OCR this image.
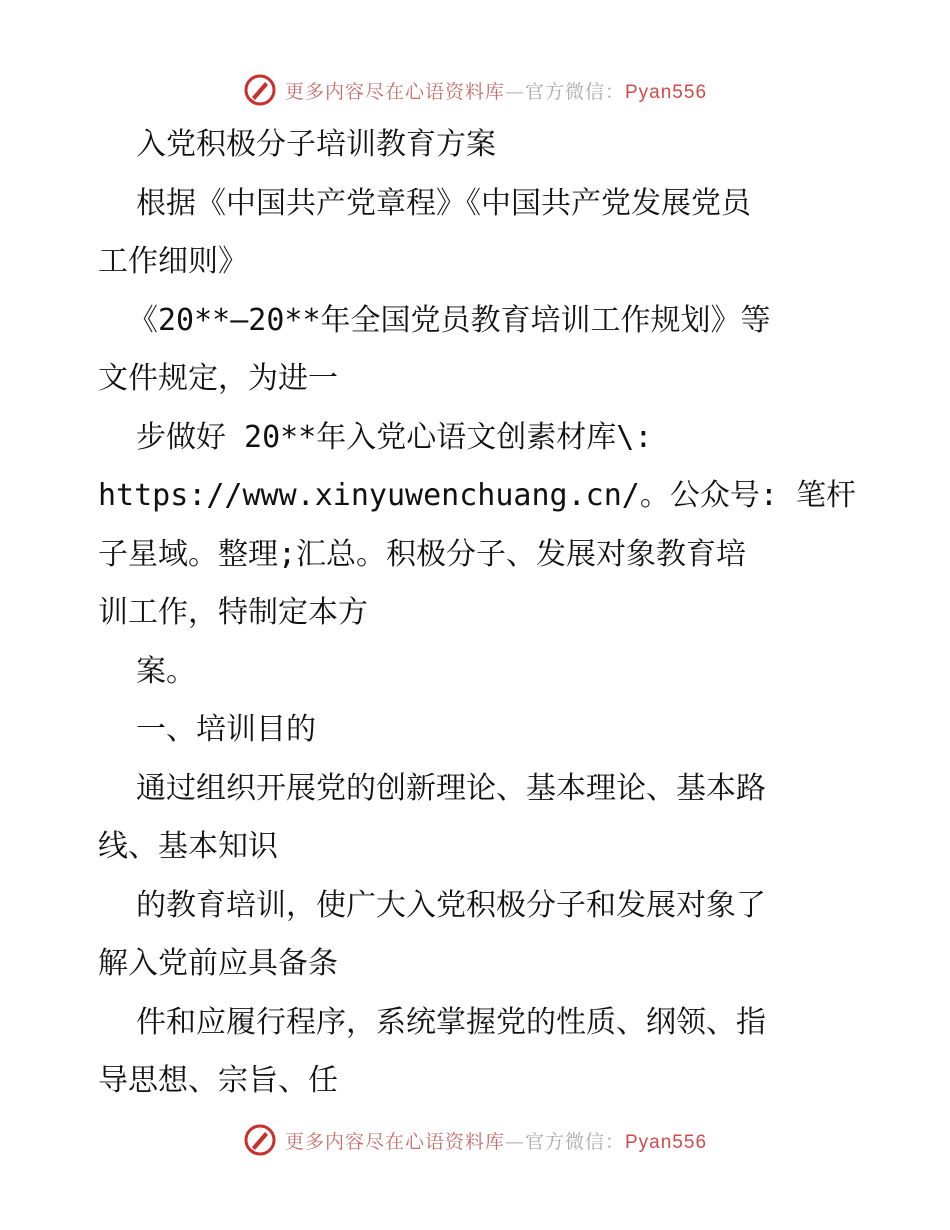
更多内容尽在心语资料库—官方微信：Pyan556
入党积极分子培训教育方案
根据《中国共产党章程》《中国共产党发展党员
工作细则》
《20**—20**年全国党员教育培训工作规划》等
文件规定，为进一
步做好 20**年入党心语文创素材库\:
https://www.xinyuwenchuang.cn/。公众号: 笔杆
子星域。整理;汇总。积极分子、发展对象教育培
训工作，特制定本方
案。
一、培训目的
通过组织开展党的创新理论、基本理论、基本路
线、基本知识
的教育培训，使广大入党积极分子和发展对象了
解入党前应具备条
件和应履行程序，系统掌握党的性质、纲领、指
导思想、宗旨、任
更多内容尽在心语资料库—官方微信：Pyan556
